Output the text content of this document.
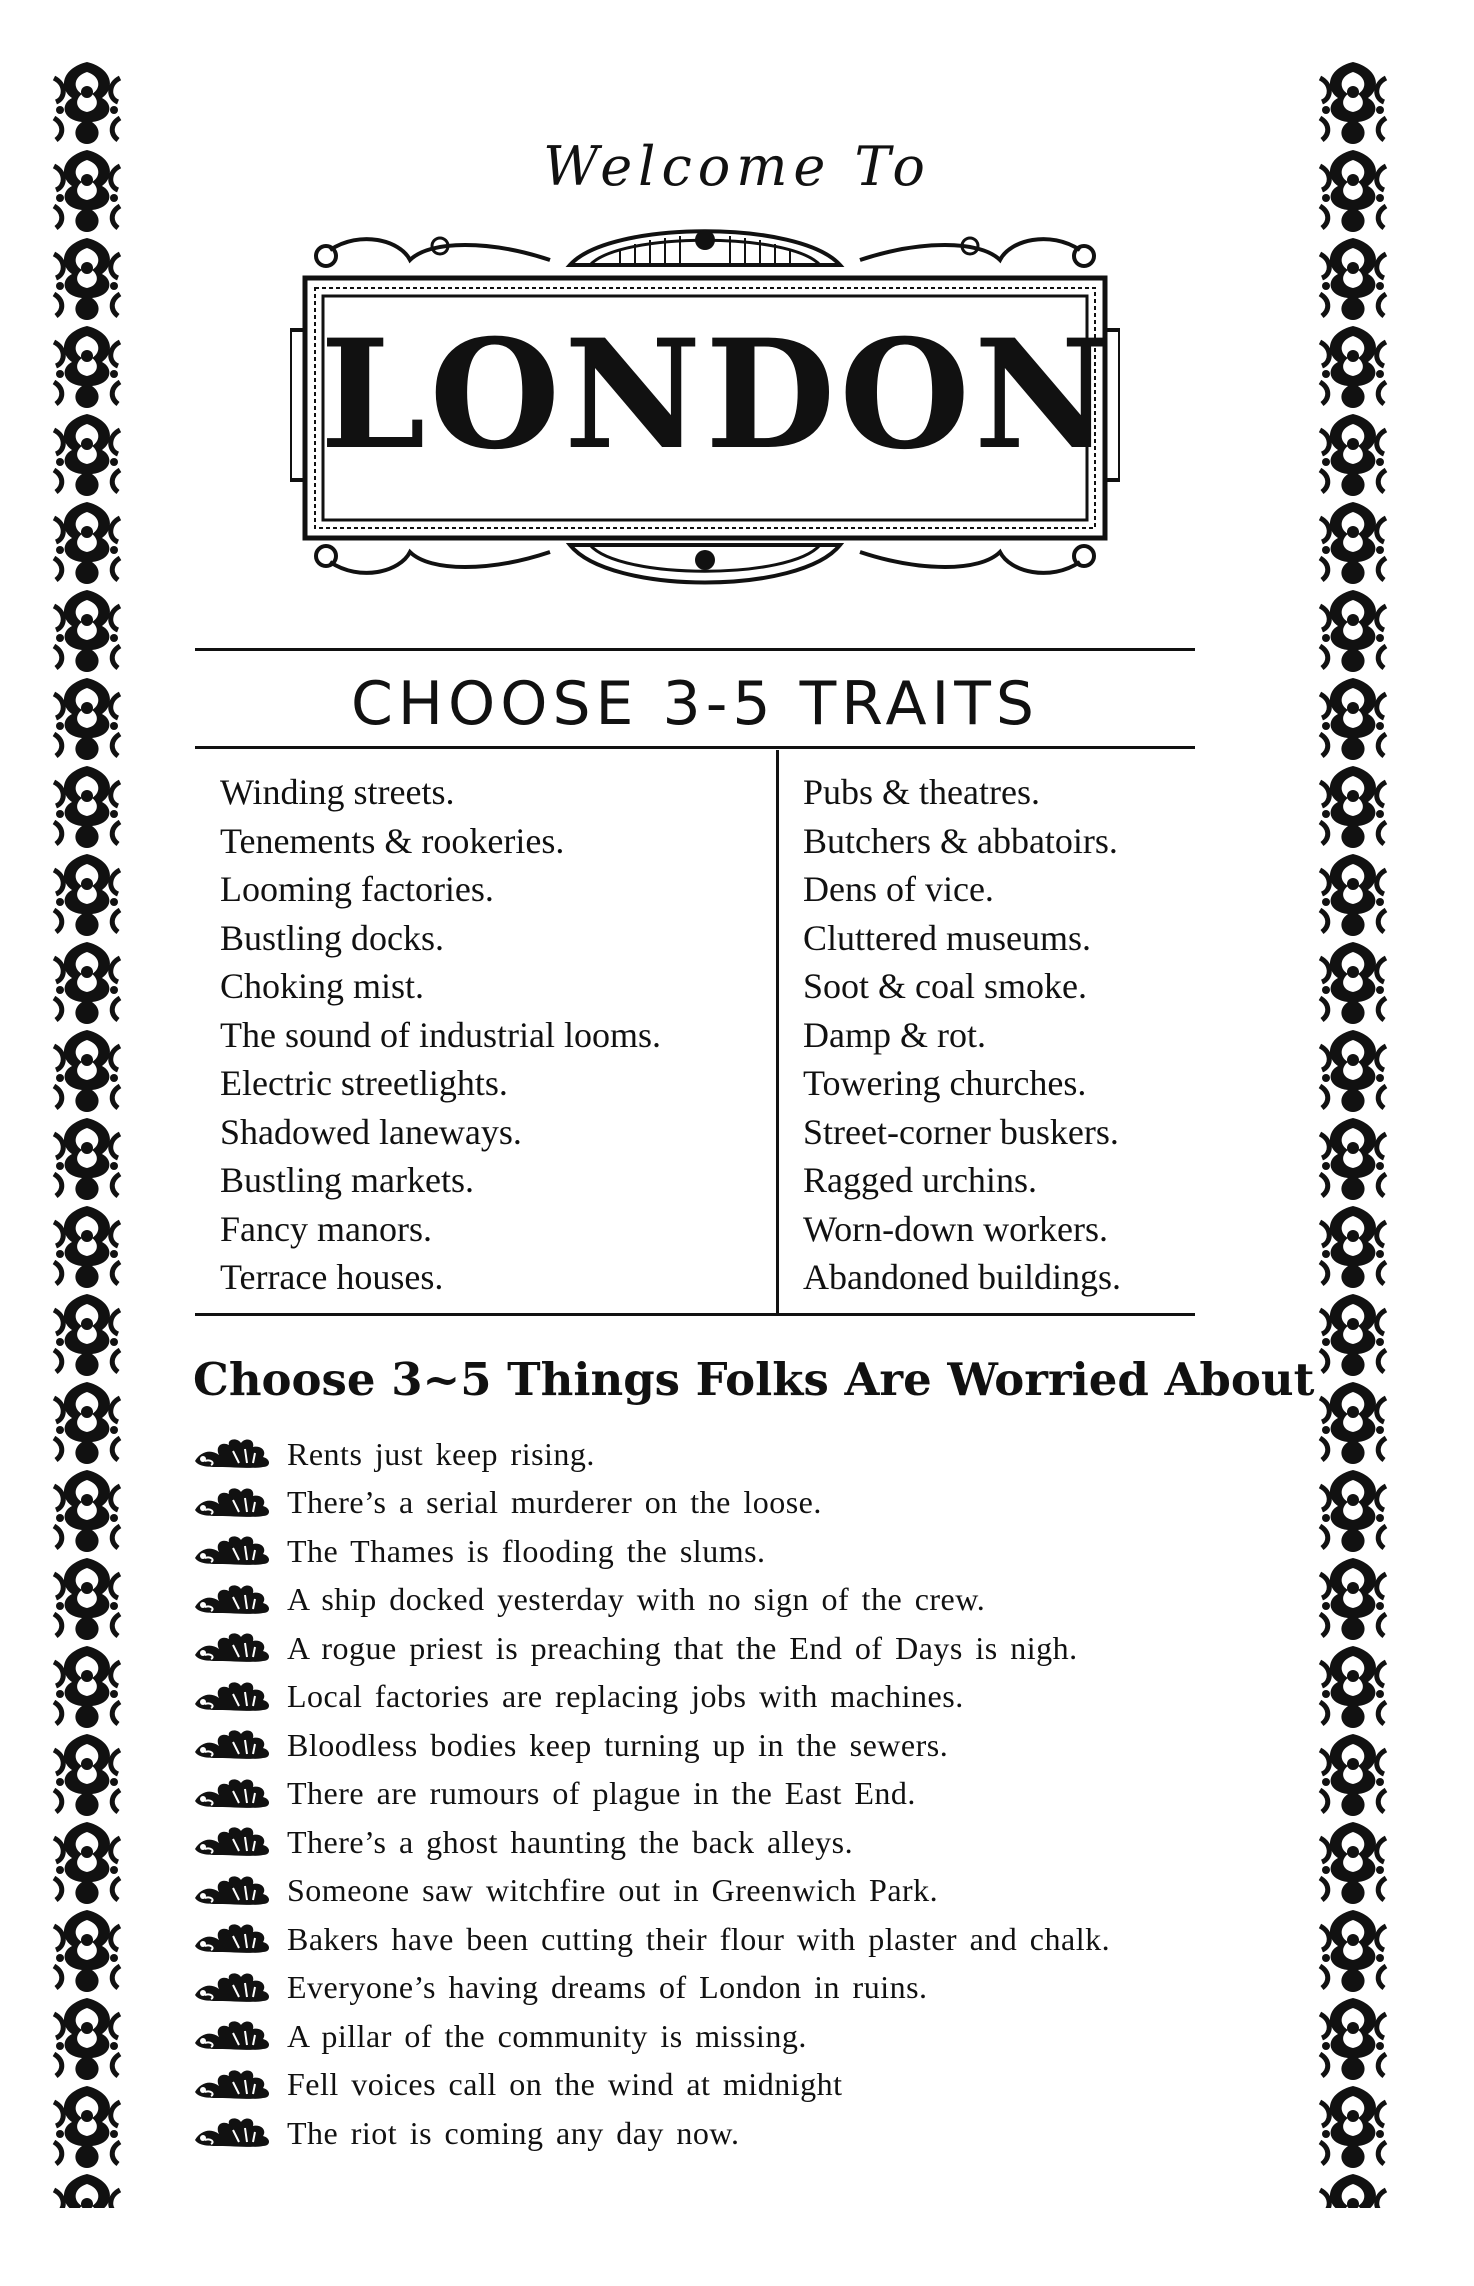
Welcome To
LONDON
CHOOSE 3-5 TRAITS
Winding streets.
Tenements & rookeries.
Looming factories.
Bustling docks.
Choking mist.
The sound of industrial looms.
Electric streetlights.
Shadowed laneways.
Bustling markets.
Fancy manors.
Terrace houses.
Pubs & theatres.
Butchers & abbatoirs.
Dens of vice.
Cluttered museums.
Soot & coal smoke.
Damp & rot.
Towering churches.
Street-corner buskers.
Ragged urchins.
Worn-down workers.
Abandoned buildings.
Choose 3~5 Things Folks Are Worried About
Rents just keep rising.
There’s a serial murderer on the loose.
The Thames is flooding the slums.
A ship docked yesterday with no sign of the crew.
A rogue priest is preaching that the End of Days is nigh.
Local factories are replacing jobs with machines.
Bloodless bodies keep turning up in the sewers.
There are rumours of plague in the East End.
There’s a ghost haunting the back alleys.
Someone saw witchfire out in Greenwich Park.
Bakers have been cutting their flour with plaster and chalk.
Everyone’s having dreams of London in ruins.
A pillar of the community is missing.
Fell voices call on the wind at midnight
The riot is coming any day now.
